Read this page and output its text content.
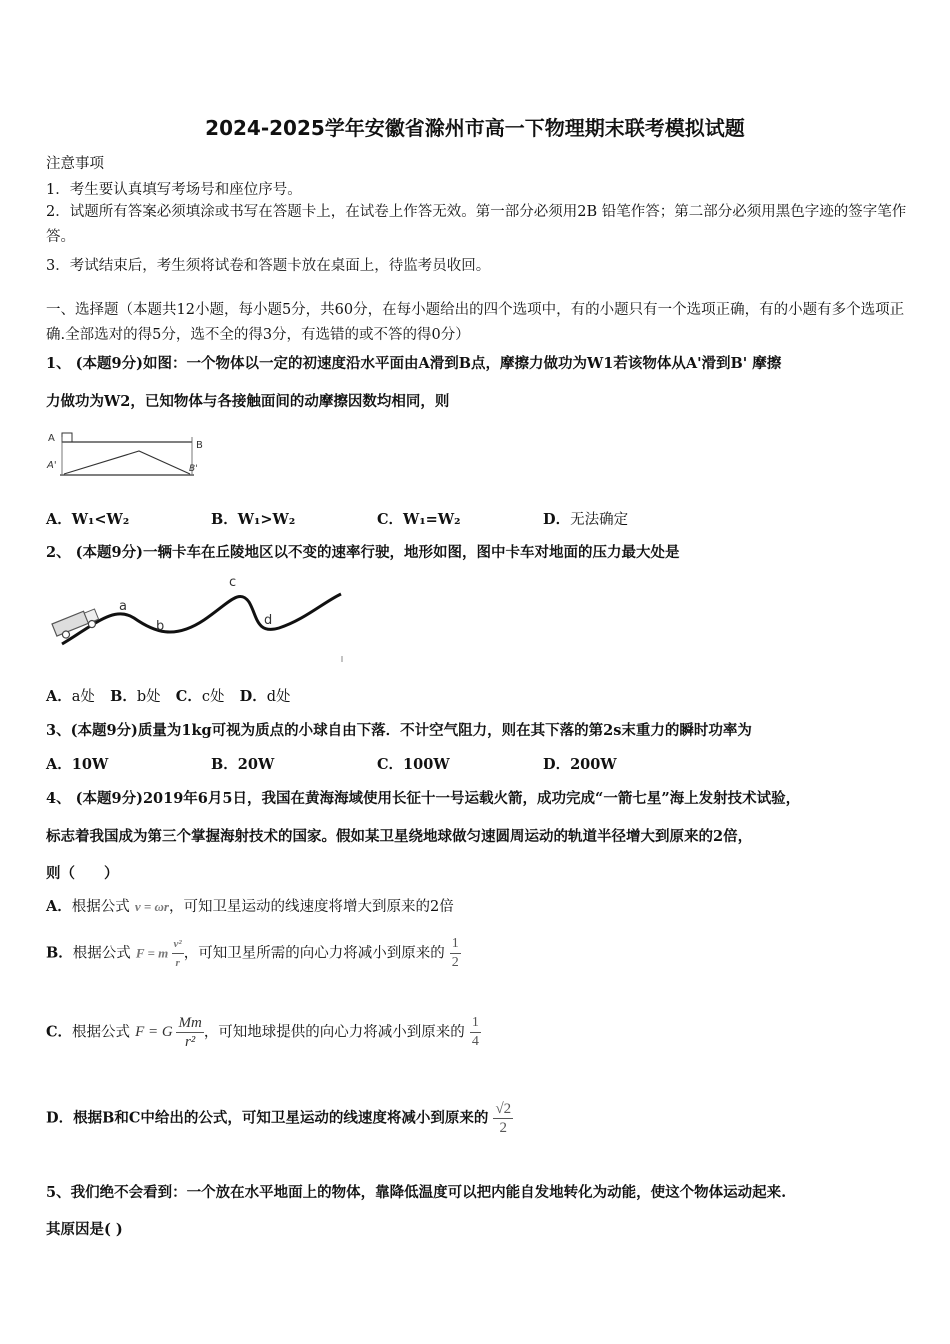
2024-2025学年安徽省滁州市高一下物理期末联考模拟试题
注意事项
1．考生要认真填写考场号和座位序号。
2．试题所有答案必须填涂或书写在答题卡上，在试卷上作答无效。第一部分必须用2B 铅笔作答；第二部分必须用黑色字迹的签字笔作答。
3．考试结束后，考生须将试卷和答题卡放在桌面上，待监考员收回。
一、选择题（本题共12小题，每小题5分，共60分，在每小题给出的四个选项中，有的小题只有一个选项正确，有的小题有多个选项正确.全部选对的得5分，选不全的得3分，有选错的或不答的得0分）
1、 (本题9分)如图：一个物体以一定的初速度沿水平面由A滑到B点，摩擦力做功为W1若该物体从A'滑到B' 摩擦
力做功为W2，已知物体与各接触面间的动摩擦因数均相同，则
A
B
A'	B'
A．W₁<W₂	B．W₁>W₂	C．W₁=W₂	D．无法确定
2、 (本题9分)一辆卡车在丘陵地区以不变的速率行驶，地形如图，图中卡车对地面的压力最大处是
a
b
c
d
A．a处 B．b处 C．c处 D．d处
3、(本题9分)质量为1kg可视为质点的小球自由下落．不计空气阻力，则在其下落的第2s末重力的瞬时功率为
A．10W	B．20W	C．100W	D．200W
4、 (本题9分)2019年6月5日，我国在黄海海域使用长征十一号运载火箭，成功完成“一箭七星”海上发射技术试验，
标志着我国成为第三个掌握海射技术的国家。假如某卫星绕地球做匀速圆周运动的轨道半径增大到原来的2倍，
则（　　）
A．根据公式 v = ωr，可知卫星运动的线速度将增大到原来的2倍
B．根据公式 F = m $\frac{\text{v²}}{r}$ ，可知卫星所需的向心力将减小到原来的 $\frac{1}{2}$
C．根据公式 F = G $\frac{Mm}{\text{r²}}$ ，可知地球提供的向心力将减小到原来的 $\frac{1}{4}$
D．根据B和C中给出的公式，可知卫星运动的线速度将减小到原来的 $\frac{√2}{2}$
5、我们绝不会看到：一个放在水平地面上的物体，靠降低温度可以把内能自发地转化为动能，使这个物体运动起来.
其原因是( )
